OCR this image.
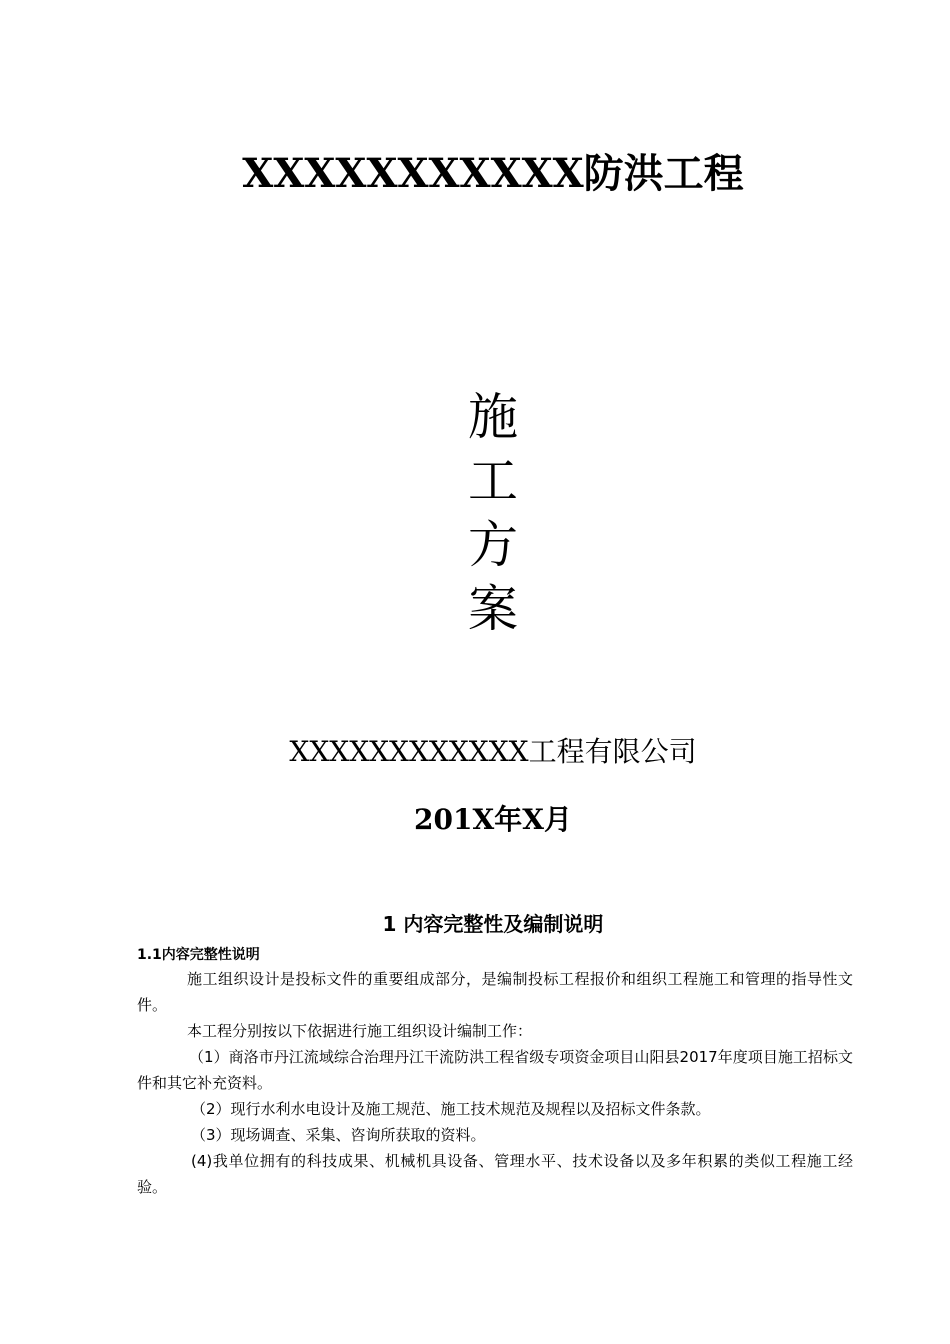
XXXXXXXXXXX防洪工程
施
工
方
案
XXXXXXXXXXXX工程有限公司
201X年X月
1 内容完整性及编制说明
1.1内容完整性说明

施工组织设计是投标文件的重要组成部分，是编制投标工程报价和组织工程施工和管理的指导性文件。

本工程分别按以下依据进行施工组织设计编制工作：

（1）商洛市丹江流域综合治理丹江干流防洪工程省级专项资金项目山阳县2017年度项目施工招标文件和其它补充资料。

（2）现行水利水电设计及施工规范、施工技术规范及规程以及招标文件条款。

（3）现场调查、采集、咨询所获取的资料。

(4)我单位拥有的科技成果、机械机具设备、管理水平、技术设备以及多年积累的类似工程施工经验。
